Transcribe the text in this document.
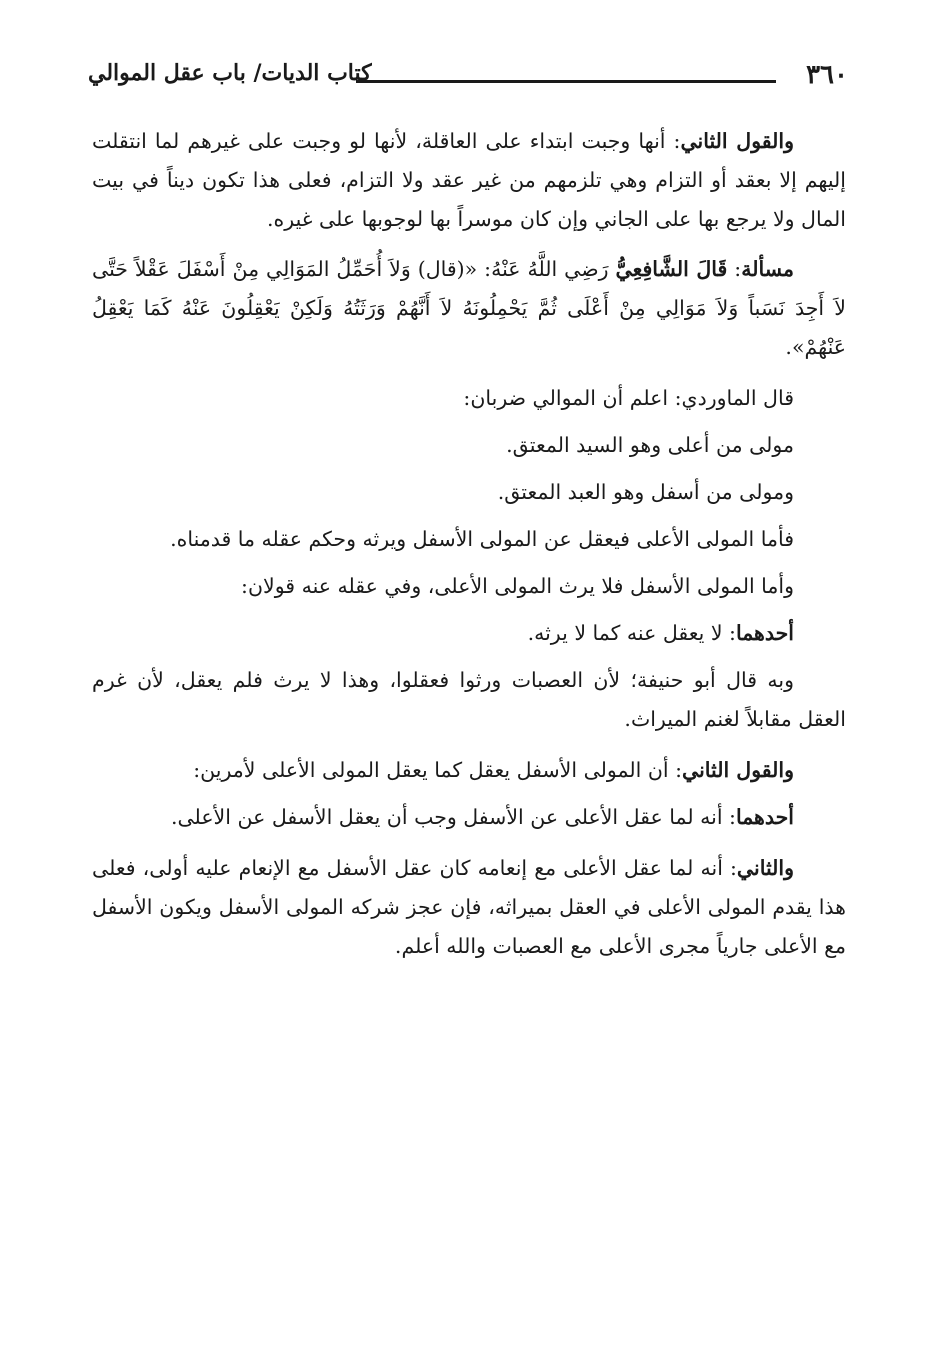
٣٦٠
كتاب الديات/ باب عقل الموالي

والقول الثاني: أنها وجبت ابتداء على العاقلة، لأنها لو وجبت على غيرهم لما انتقلت إليهم إلا بعقد أو التزام وهي تلزمهم من غير عقد ولا التزام، فعلى هذا تكون ديناً في بيت المال ولا يرجع بها على الجاني وإن كان موسراً بها لوجوبها على غيره.

مسألة: قَالَ الشَّافِعِيُّ رَضِي اللَّهُ عَنْهُ: «(قال) وَلاَ أُحَمِّلُ المَوَالِي مِنْ أَسْفَلَ عَقْلاً حَتَّى لاَ أَجِدَ نَسَباً وَلاَ مَوَالِي مِنْ أَعْلَى ثُمَّ يَحْمِلُونَهُ لاَ أَنَّهُمْ وَرَثَتُهُ وَلَكِنْ يَعْقِلُونَ عَنْهُ كَمَا يَعْقِلُ عَنْهُمْ».

قال الماوردي: اعلم أن الموالي ضربان:

مولى من أعلى وهو السيد المعتق.

ومولى من أسفل وهو العبد المعتق.

فأما المولى الأعلى فيعقل عن المولى الأسفل ويرثه وحكم عقله ما قدمناه.

وأما المولى الأسفل فلا يرث المولى الأعلى، وفي عقله عنه قولان:

أحدهما: لا يعقل عنه كما لا يرثه.

وبه قال أبو حنيفة؛ لأن العصبات ورثوا فعقلوا، وهذا لا يرث فلم يعقل، لأن غرم العقل مقابلاً لغنم الميراث.

والقول الثاني: أن المولى الأسفل يعقل كما يعقل المولى الأعلى لأمرين:

أحدهما: أنه لما عقل الأعلى عن الأسفل وجب أن يعقل الأسفل عن الأعلى.

والثاني: أنه لما عقل الأعلى مع إنعامه كان عقل الأسفل مع الإنعام عليه أولى، فعلى هذا يقدم المولى الأعلى في العقل بميراثه، فإن عجز شركه المولى الأسفل ويكون الأسفل مع الأعلى جارياً مجرى الأعلى مع العصبات والله أعلم.
